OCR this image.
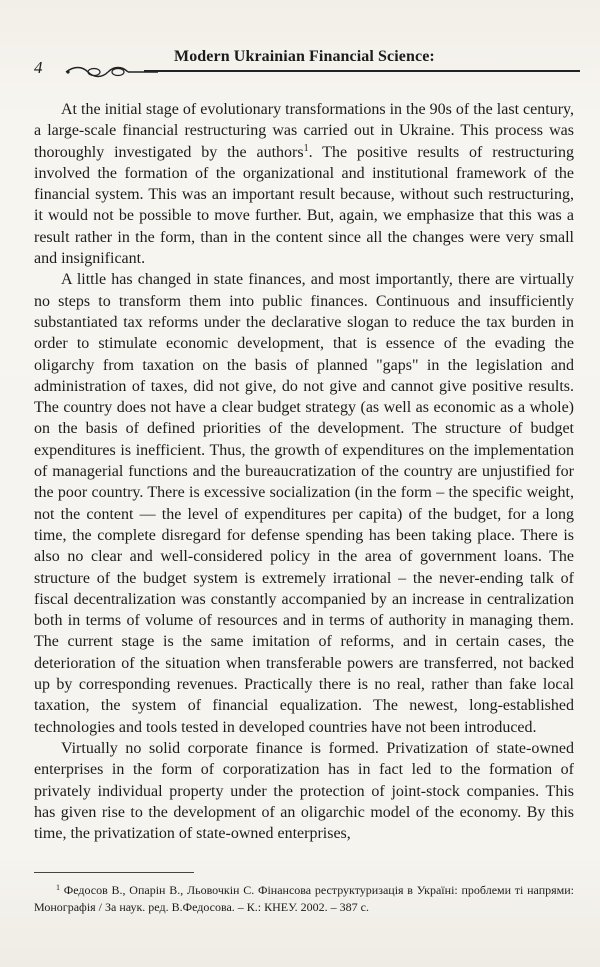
4
Modern Ukrainian Financial Science:

At the initial stage of evolutionary transformations in the 90s of the last century, a large-scale financial restructuring was carried out in Ukraine. This process was thoroughly investigated by the authors$^1$. The positive results of restructuring involved the formation of the organizational and institutional framework of the financial system. This was an important result because, without such restructuring, it would not be possible to move further. But, again, we emphasize that this was a result rather in the form, than in the content since all the changes were very small and insignificant.

A little has changed in state finances, and most importantly, there are virtually no steps to transform them into public finances. Continuous and insufficiently substantiated tax reforms under the declarative slogan to reduce the tax burden in order to stimulate economic development, that is essence of the evading the oligarchy from taxation on the basis of planned "gaps" in the legislation and administration of taxes, did not give, do not give and cannot give positive results. The country does not have a clear budget strategy (as well as economic as a whole) on the basis of defined priorities of the development. The structure of budget expenditures is inefficient. Thus, the growth of expenditures on the implementation of managerial functions and the bureaucratization of the country are unjustified for the poor country. There is excessive socialization (in the form – the specific weight, not the content — the level of expenditures per capita) of the budget, for a long time, the complete disregard for defense spending has been taking place. There is also no clear and well-considered policy in the area of government loans. The structure of the budget system is extremely irrational – the never-ending talk of fiscal decentralization was constantly accompanied by an increase in centralization both in terms of volume of resources and in terms of authority in managing them. The current stage is the same imitation of reforms, and in certain cases, the deterioration of the situation when transferable powers are transferred, not backed up by corresponding revenues. Practically there is no real, rather than fake local taxation, the system of financial equalization. The newest, long-established technologies and tools tested in developed countries have not been introduced.

Virtually no solid corporate finance is formed. Privatization of state-owned enterprises in the form of corporatization has in fact led to the formation of privately individual property under the protection of joint-stock companies. This has given rise to the development of an oligarchic model of the economy. By this time, the privatization of state-owned enterprises,

$^1$ Федосов В., Опарін В., Льовочкін С. Фінансова реструктуризація в Україні: проблеми ті напрями: Монографія / За наук. ред. В.Федосова. – К.: КНЕУ. 2002. – 387 с.
